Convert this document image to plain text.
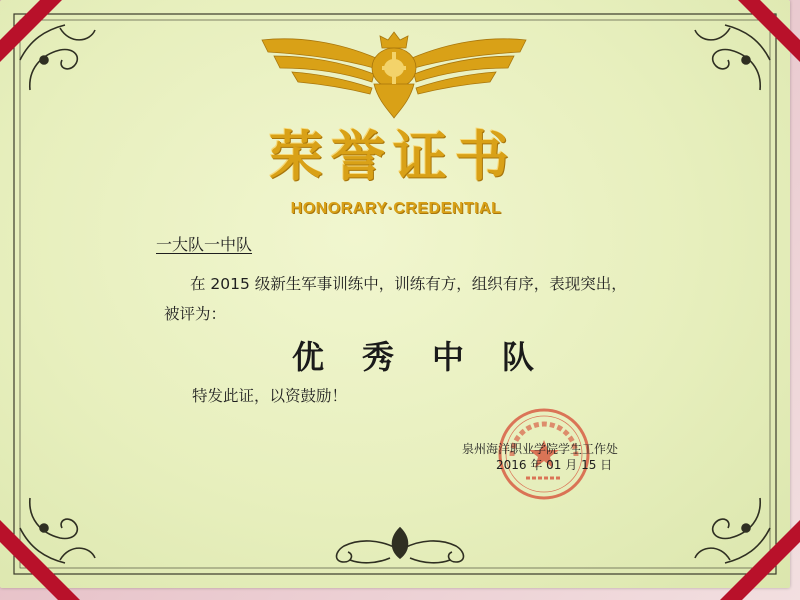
荣誉证书
HONORARY·CREDENTIAL
一大队一中队
在 2015 级新生军事训练中，训练有方，组织有序，表现突出，
被评为：
优秀中队
特发此证，以资鼓励！
泉州海洋职业学院学生工作处
2016 年 01 月 15 日
